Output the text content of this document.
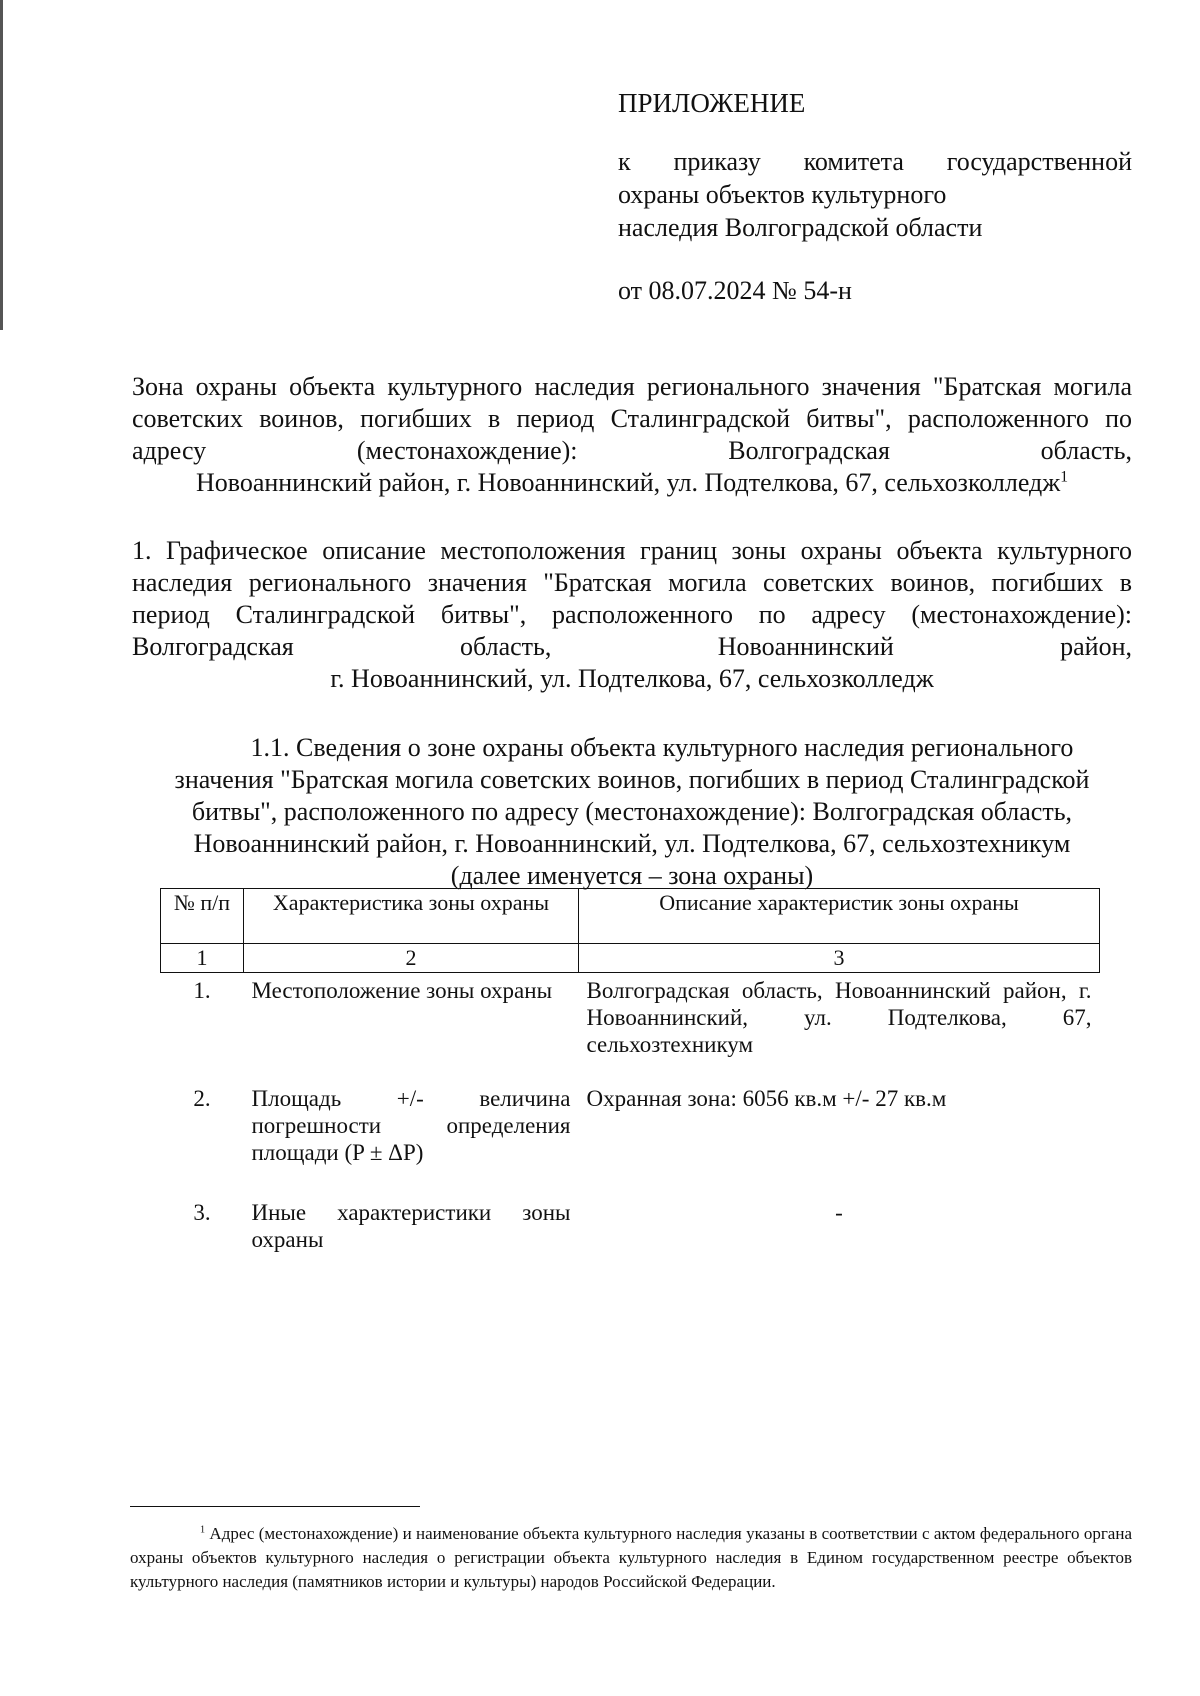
ПРИЛОЖЕНИЕ
к приказу комитета государственной
охраны объектов культурного
наследия Волгоградской области
от 08.07.2024 № 54-н
Зона охраны объекта культурного наследия регионального значения "Братская могила советских воинов, погибших в период Сталинградской битвы", расположенного по адресу (местонахождение): Волгоградская область,
Новоаннинский район, г. Новоаннинский, ул. Подтелкова, 67, сельхозколледж$^1$
1. Графическое описание местоположения границ зоны охраны объекта культурного наследия регионального значения "Братская могила советских воинов, погибших в период Сталинградской битвы", расположенного по адресу (местонахождение): Волгоградская область, Новоаннинский район,
г. Новоаннинский, ул. Подтелкова, 67, сельхозколледж
1.1. Сведения о зоне охраны объекта культурного наследия регионального
значения "Братская могила советских воинов, погибших в период Сталинградской
битвы", расположенного по адресу (местонахождение): Волгоградская область,
Новоаннинский район, г. Новоаннинский, ул. Подтелкова, 67, сельхозтехникум
(далее именуется – зона охраны)
№ п/п	Характеристика зоны охраны	Описание характеристик зоны охраны
1	2	3
1.	Местоположение зоны охраны	Волгоградская область, Новоаннинский район, г. Новоаннинский, ул. Подтелкова, 67, сельхозтехникум
2.	Площадь +/- величина погрешности определения площади (P ± ΔP)	Охранная зона: 6056 кв.м +/- 27 кв.м
3.	Иные характеристики зоны охраны	-
$^1$ Адрес (местонахождение) и наименование объекта культурного наследия указаны в соответствии с актом федерального органа охраны объектов культурного наследия о регистрации объекта культурного наследия в Едином государственном реестре объектов культурного наследия (памятников истории и культуры) народов Российской Федерации.
